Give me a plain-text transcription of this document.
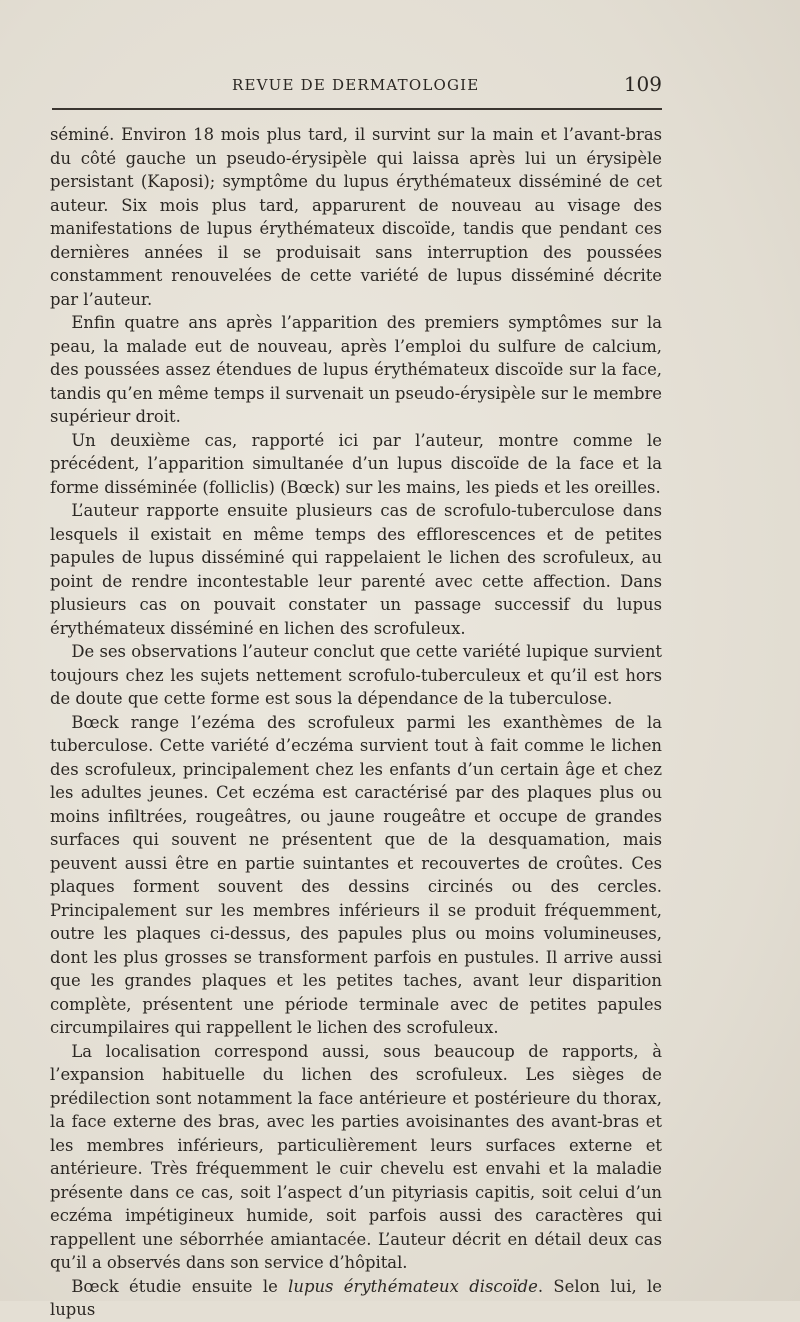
REVUE DE DERMATOLOGIE	109

séminé. Environ 18 mois plus tard, il survint sur la main et l’avant-bras du côté gauche un pseudo-érysipèle qui laissa après lui un érysipèle persistant (Kaposi); symptôme du lupus érythémateux disséminé de cet auteur. Six mois plus tard, apparurent de nouveau au visage des manifestations de lupus érythémateux discoïde, tandis que pendant ces dernières années il se produisait sans interruption des poussées constamment renouvelées de cette variété de lupus disséminé décrite par l’auteur.

Enfin quatre ans après l’apparition des premiers symptômes sur la peau, la malade eut de nouveau, après l’emploi du sulfure de calcium, des poussées assez étendues de lupus érythémateux discoïde sur la face, tandis qu’en même temps il survenait un pseudo-érysipèle sur le membre supérieur droit.

Un deuxième cas, rapporté ici par l’auteur, montre comme le précédent, l’apparition simultanée d’un lupus discoïde de la face et la forme disséminée (folliclis) (Bœck) sur les mains, les pieds et les oreilles.

L’auteur rapporte ensuite plusieurs cas de scrofulo-tuberculose dans lesquels il existait en même temps des efflorescences et de petites papules de lupus disséminé qui rappelaient le lichen des scrofuleux, au point de rendre incontestable leur parenté avec cette affection. Dans plusieurs cas on pouvait constater un passage successif du lupus érythémateux disséminé en lichen des scrofuleux.

De ses observations l’auteur conclut que cette variété lupique survient toujours chez les sujets nettement scrofulo-tuberculeux et qu’il est hors de doute que cette forme est sous la dépendance de la tuberculose.

Bœck range l’ezéma des scrofuleux parmi les exanthèmes de la tuberculose. Cette variété d’eczéma survient tout à fait comme le lichen des scrofuleux, principalement chez les enfants d’un certain âge et chez les adultes jeunes. Cet eczéma est caractérisé par des plaques plus ou moins infiltrées, rougeâtres, ou jaune rougeâtre et occupe de grandes surfaces qui souvent ne présentent que de la desquamation, mais peuvent aussi être en partie suintantes et recouvertes de croûtes. Ces plaques forment souvent des dessins circinés ou des cercles. Principalement sur les membres inférieurs il se produit fréquemment, outre les plaques ci-dessus, des papules plus ou moins volumineuses, dont les plus grosses se transforment parfois en pustules. Il arrive aussi que les grandes plaques et les petites taches, avant leur disparition complète, présentent une période terminale avec de petites papules circumpilaires qui rappellent le lichen des scrofuleux.

La localisation correspond aussi, sous beaucoup de rapports, à l’expansion habituelle du lichen des scrofuleux. Les sièges de prédilection sont notamment la face antérieure et postérieure du thorax, la face externe des bras, avec les parties avoisinantes des avant-bras et les membres inférieurs, particulièrement leurs surfaces externe et antérieure. Très fréquemment le cuir chevelu est envahi et la maladie présente dans ce cas, soit l’aspect d’un pityriasis capitis, soit celui d’un eczéma impétigineux humide, soit parfois aussi des caractères qui rappellent une séborrhée amiantacée. L’auteur décrit en détail deux cas qu’il a observés dans son service d’hôpital.

Bœck étudie ensuite le lupus érythémateux discoïde. Selon lui, le lupus
